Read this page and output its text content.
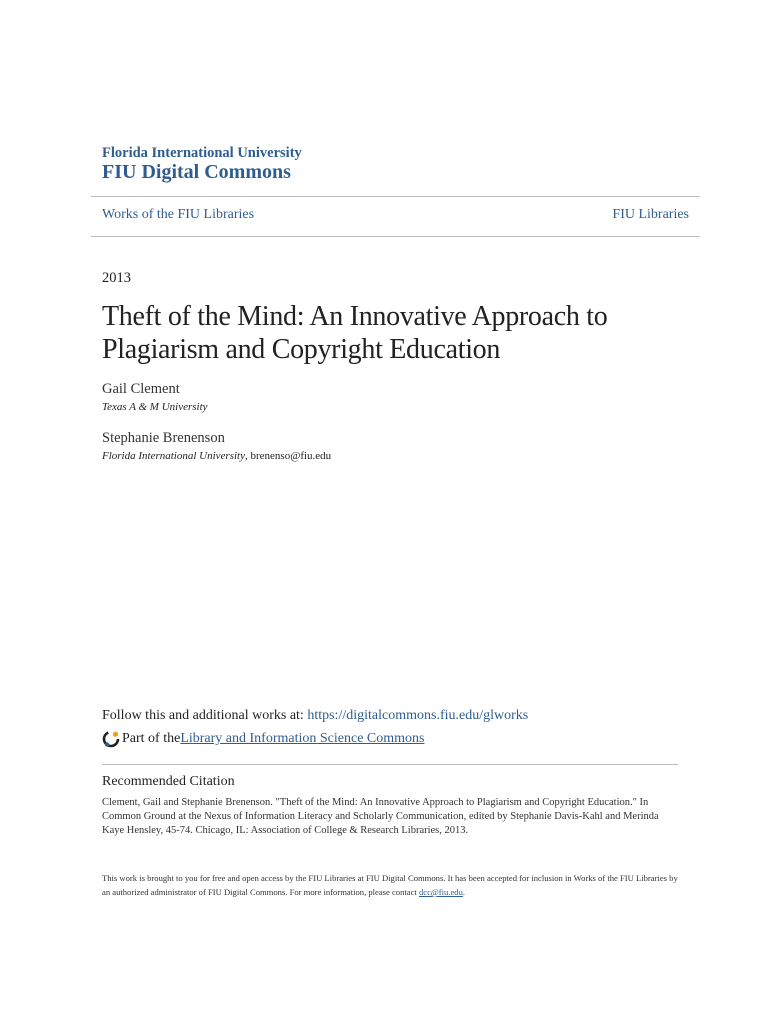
Florida International University
FIU Digital Commons
Works of the FIU Libraries	FIU Libraries
2013
Theft of the Mind: An Innovative Approach to Plagiarism and Copyright Education
Gail Clement
Texas A & M University
Stephanie Brenenson
Florida International University, brenenso@fiu.edu
Follow this and additional works at: https://digitalcommons.fiu.edu/glworks
Part of the Library and Information Science Commons
Recommended Citation
Clement, Gail and Stephanie Brenenson. "Theft of the Mind: An Innovative Approach to Plagiarism and Copyright Education." In Common Ground at the Nexus of Information Literacy and Scholarly Communication, edited by Stephanie Davis-Kahl and Merinda Kaye Hensley, 45-74. Chicago, IL: Association of College & Research Libraries, 2013.
This work is brought to you for free and open access by the FIU Libraries at FIU Digital Commons. It has been accepted for inclusion in Works of the FIU Libraries by an authorized administrator of FIU Digital Commons. For more information, please contact dcc@fiu.edu.
